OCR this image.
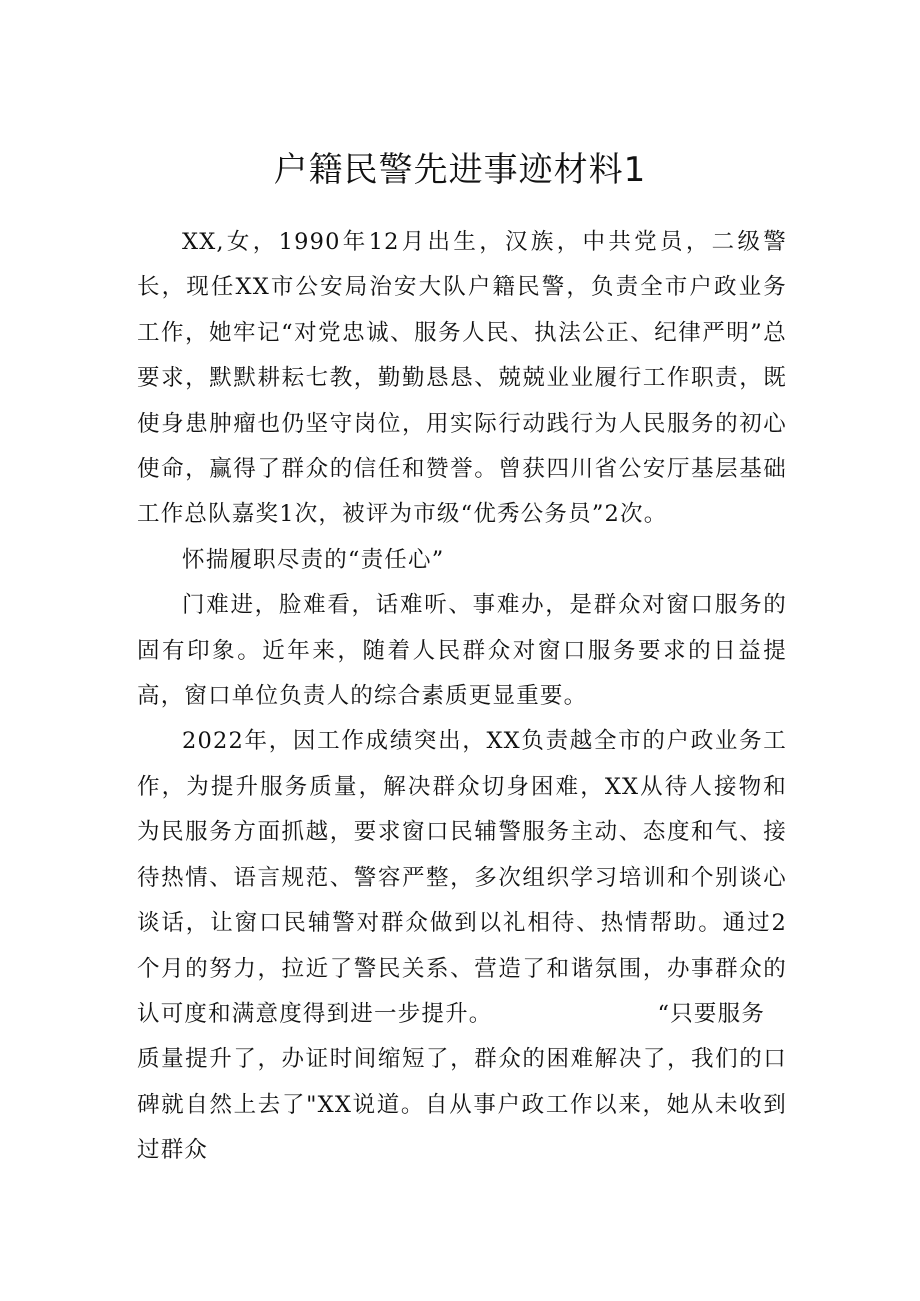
户籍民警先进事迹材料1

XX,女，1990年12月出生，汉族，中共党员，二级警长，现任XX市公安局治安大队户籍民警，负责全市户政业务工作，她牢记“对党忠诚、服务人民、执法公正、纪律严明”总要求，默默耕耘七教，勤勤恳恳、兢兢业业履行工作职责，既使身患肿瘤也仍坚守岗位，用实际行动践行为人民服务的初心使命，赢得了群众的信任和赞誉。曾获四川省公安厅基层基础工作总队嘉奖1次，被评为市级“优秀公务员”2次。

怀揣履职尽责的“责任心”

门难进，脸难看，话难听、事难办，是群众对窗口服务的固有印象。近年来，随着人民群众对窗口服务要求的日益提高，窗口单位负责人的综合素质更显重要。

2022年，因工作成绩突出，XX负责越全市的户政业务工作，为提升服务质量，解决群众切身困难，XX从待人接物和为民服务方面抓越，要求窗口民辅警服务主动、态度和气、接待热情、语言规范、警容严整，多次组织学习培训和个别谈心谈话，让窗口民辅警对群众做到以礼相待、热情帮助。通过2个月的努力，拉近了警民关系、营造了和谐氛围，办事群众的认可度和满意度得到进一步提升。	“只要服务

质量提升了，办证时间缩短了，群众的困难解决了，我们的口碑就自然上去了"XX说道。自从事户政工作以来，她从未收到过群众
